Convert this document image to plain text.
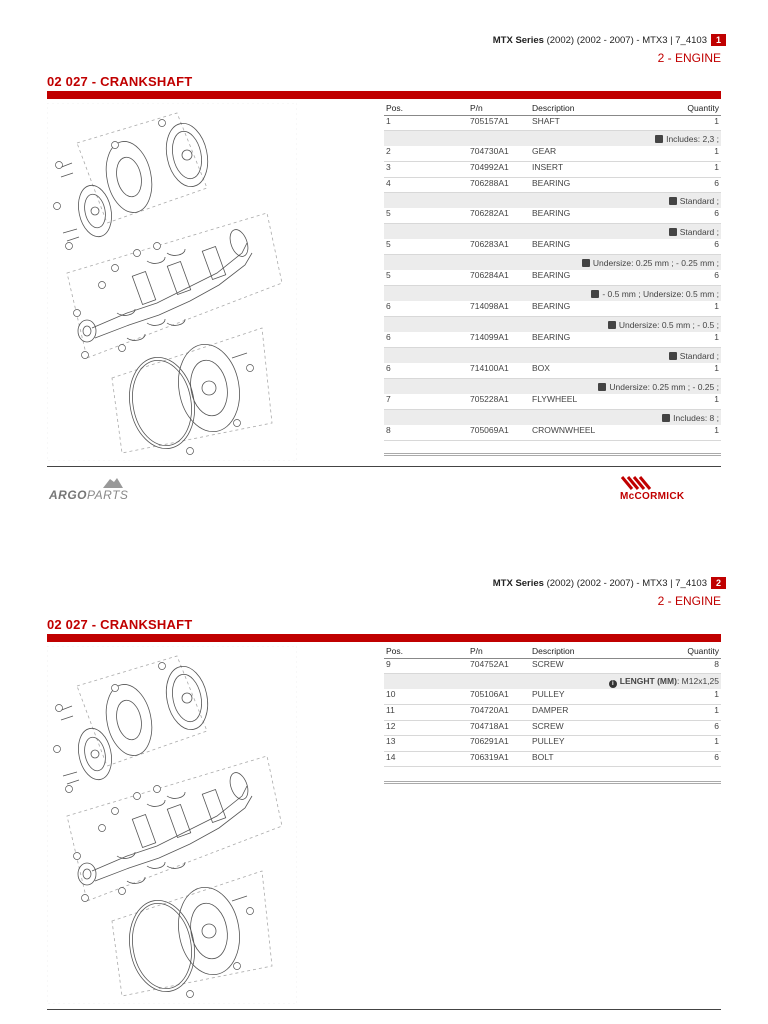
MTX Series (2002) (2002 - 2007) - MTX3 | 7_4103 1
2 - ENGINE
02 027 - CRANKSHAFT
Pos.	P/n	Description	Quantity
1	705157A1	SHAFT	1
Includes: 2,3 ;			
2	704730A1	GEAR	1
3	704992A1	INSERT	1
4	706288A1	BEARING	6
Standard ;			
5	706282A1	BEARING	6
Standard ;			
5	706283A1	BEARING	6
Undersize: 0.25 mm ; - 0.25 mm ;			
5	706284A1	BEARING	6
- 0.5 mm ; Undersize: 0.5 mm ;			
6	714098A1	BEARING	1
Undersize: 0.5 mm ; - 0.5 ;			
6	714099A1	BEARING	1
Standard ;			
6	714100A1	BOX	1
Undersize: 0.25 mm ; - 0.25 ;			
7	705228A1	FLYWHEEL	1
Includes: 8 ;			
8	705069A1	CROWNWHEEL	1
ARGOPARTS	McCORMICK
MTX Series (2002) (2002 - 2007) - MTX3 | 7_4103 2
2 - ENGINE
02 027 - CRANKSHAFT
Pos.	P/n	Description	Quantity
9	704752A1	SCREW	8
i LENGHT (MM): M12x1,25			
10	705106A1	PULLEY	1
11	704720A1	DAMPER	1
12	704718A1	SCREW	6
13	706291A1	PULLEY	1
14	706319A1	BOLT	6
